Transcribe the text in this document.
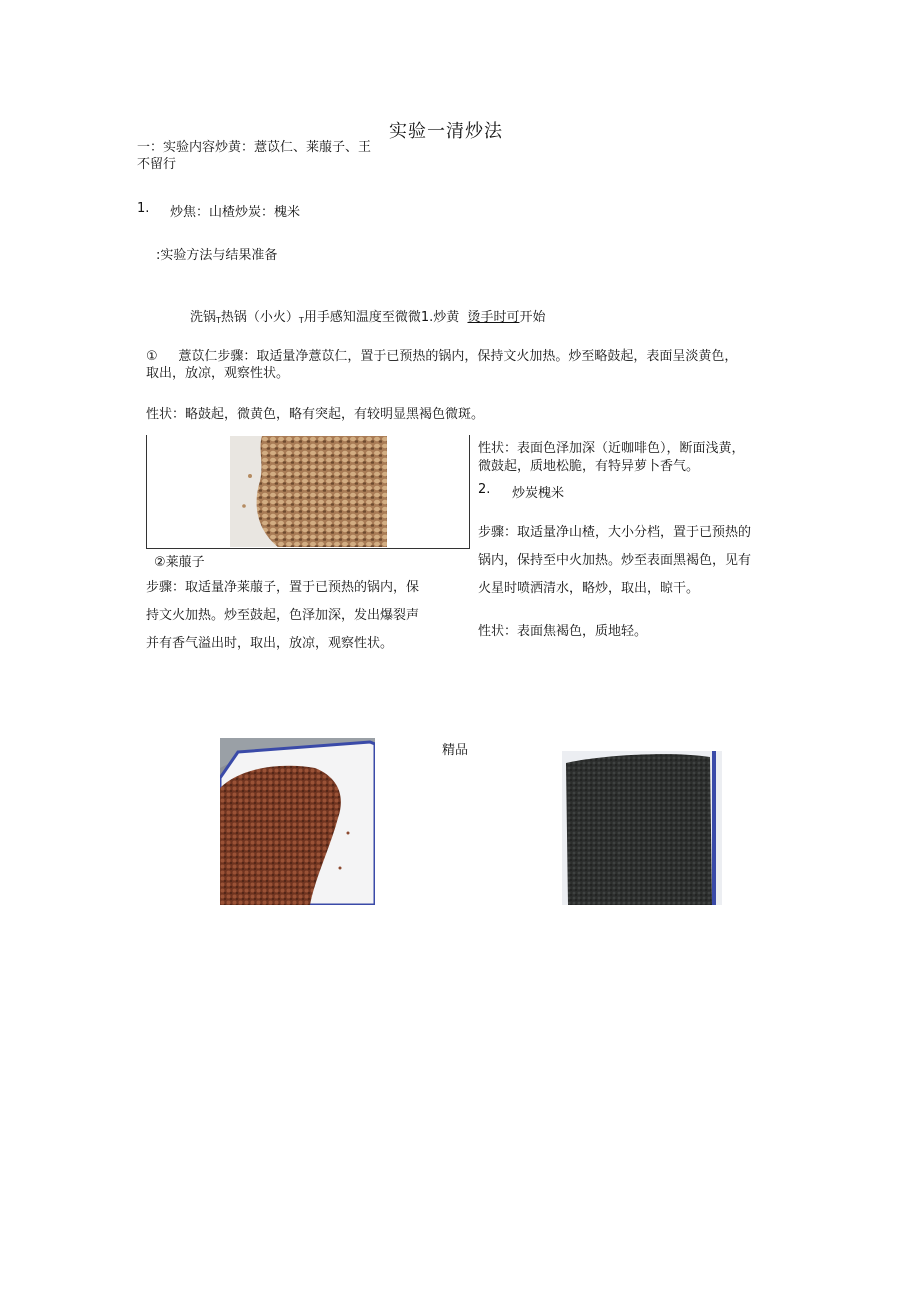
实验一清炒法
一：实验内容炒黄：薏苡仁、莱菔子、王
不留行
1. 炒焦：山楂炒炭：槐米
:实验方法与结果准备
洗锅$_T$热锅（小火）$_T$用手感知温度至微微1.炒黄 烫手时可开始
①     薏苡仁步骤：取适量净薏苡仁，置于已预热的锅内，保持文火加热。炒至略鼓起，表面呈淡黄色，
取出，放凉，观察性状。
性状：略鼓起，微黄色，略有突起，有较明显黑褐色微斑。
性状：表面色泽加深（近咖啡色），断面浅黄，
微鼓起，质地松脆，有特异萝卜香气。
2. 炒炭槐米
②莱菔子
步骤：取适量净莱菔子，置于已预热的锅内，保
持文火加热。炒至鼓起，色泽加深，发出爆裂声
并有香气溢出时，取出，放凉，观察性状。
步骤：取适量净山楂，大小分档，置于已预热的
锅内，保持至中火加热。炒至表面黑褐色，见有
火星时喷洒清水，略炒，取出，晾干。
性状：表面焦褐色，质地轻。
精品
